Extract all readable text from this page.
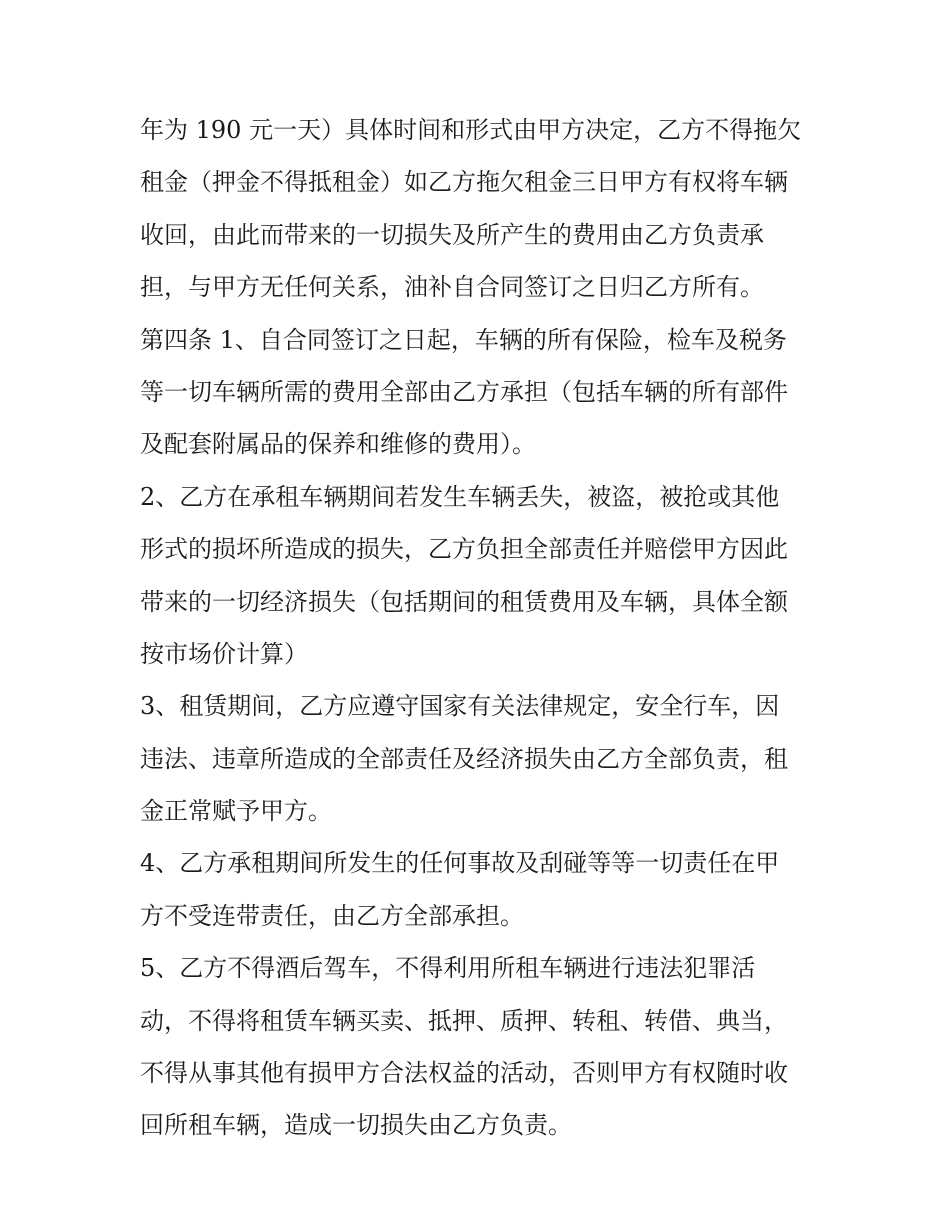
年为 190 元一天）具体时间和形式由甲方决定，乙方不得拖欠
租金（押金不得抵租金）如乙方拖欠租金三日甲方有权将车辆
收回，由此而带来的一切损失及所产生的费用由乙方负责承
担，与甲方无任何关系，油补自合同签订之日归乙方所有。
第四条 1、自合同签订之日起，车辆的所有保险，检车及税务
等一切车辆所需的费用全部由乙方承担（包括车辆的所有部件
及配套附属品的保养和维修的费用）。
2、乙方在承租车辆期间若发生车辆丢失，被盗，被抢或其他
形式的损坏所造成的损失，乙方负担全部责任并赔偿甲方因此
带来的一切经济损失（包括期间的租赁费用及车辆，具体全额
按市场价计算）
3、租赁期间，乙方应遵守国家有关法律规定，安全行车，因
违法、违章所造成的全部责任及经济损失由乙方全部负责，租
金正常赋予甲方。
4、乙方承租期间所发生的任何事故及刮碰等等一切责任在甲
方不受连带责任，由乙方全部承担。
5、乙方不得酒后驾车，不得利用所租车辆进行违法犯罪活
动，不得将租赁车辆买卖、抵押、质押、转租、转借、典当，
不得从事其他有损甲方合法权益的活动，否则甲方有权随时收
回所租车辆，造成一切损失由乙方负责。
